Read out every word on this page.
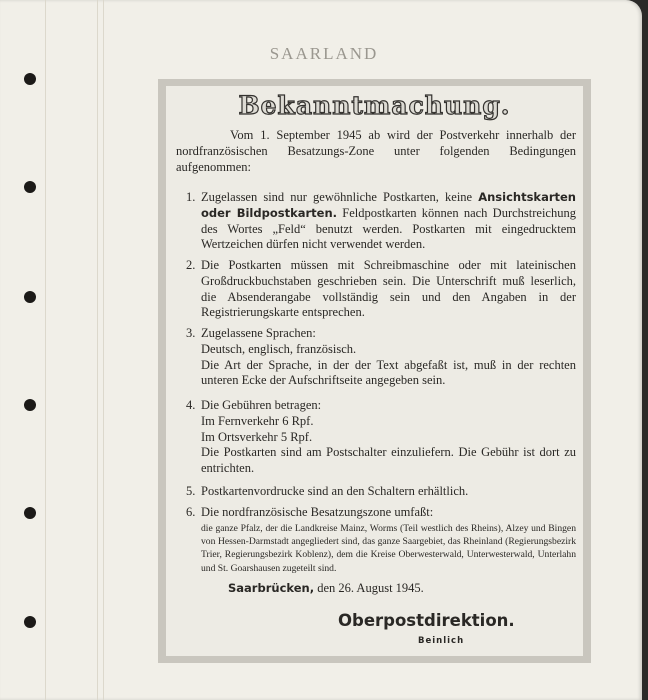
SAARLAND
Bekanntmachung.

Vom 1. September 1945 ab wird der Postverkehr innerhalb der nordfranzösischen Besatzungs-Zone unter folgenden Bedingungen aufgenommen:

1. Zugelassen sind nur gewöhnliche Postkarten, keine Ansichtskarten oder Bildpostkarten. Feldpostkarten können nach Durchstreichung des Wortes „Feld“ benutzt werden. Postkarten mit eingedrucktem Wertzeichen dürfen nicht verwendet werden.

2. Die Postkarten müssen mit Schreibmaschine oder mit lateinischen Großdruckbuchstaben geschrieben sein. Die Unterschrift muß leserlich, die Absenderangabe vollständig sein und den Angaben in der Registrierungskarte entsprechen.

3. Zugelassene Sprachen:
Deutsch, englisch, französisch.
Die Art der Sprache, in der der Text abgefaßt ist, muß in der rechten unteren Ecke der Aufschriftseite angegeben sein.
4. Die Gebühren betragen:
Im Fernverkehr 6 Rpf.
Im Ortsverkehr 5 Rpf.
Die Postkarten sind am Postschalter einzuliefern. Die Gebühr ist dort zu entrichten.
5. Postkartenvordrucke sind an den Schaltern erhältlich.

6. Die nordfranzösische Besatzungszone umfaßt:

die ganze Pfalz, der die Landkreise Mainz, Worms (Teil westlich des Rheins), Alzey und Bingen von Hessen-Darmstadt angegliedert sind, das ganze Saargebiet, das Rheinland (Regierungsbezirk Trier, Regierungsbezirk Koblenz), dem die Kreise Oberwesterwald, Unterwesterwald, Unterlahn und St. Goarshausen zugeteilt sind.

Saarbrücken, den 26. August 1945.
Oberpostdirektion.
Beinlich
